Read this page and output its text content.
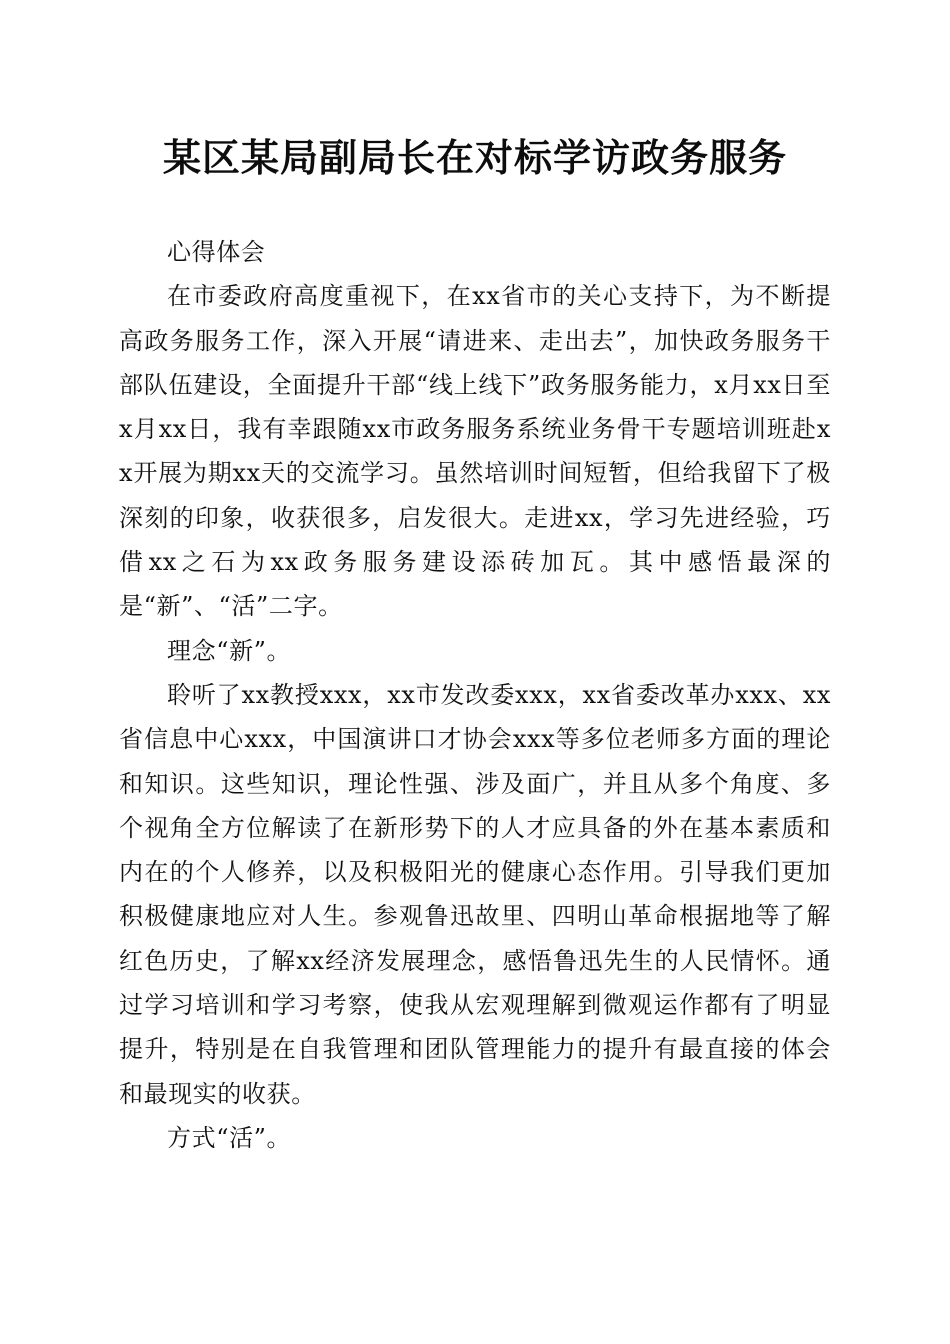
某区某局副局长在对标学访政务服务

心得体会

在市委政府高度重视下，在xx省市的关心支持下，为不断提高政务服务工作，深入开展“请进来、走出去”，加快政务服务干部队伍建设，全面提升干部“线上线下”政务服务能力，x月xx日至x月xx日，我有幸跟随xx市政务服务系统业务骨干专题培训班赴xx开展为期xx天的交流学习。虽然培训时间短暂，但给我留下了极深刻的印象，收获很多，启发很大。走进xx，学习先进经验，巧借xx之石为xx政务服务建设添砖加瓦。其中感悟最深的是“新”、“活”二字。

理念“新”。

聆听了xx教授xxx，xx市发改委xxx，xx省委改革办xxx、xx省信息中心xxx，中国演讲口才协会xxx等多位老师多方面的理论和知识。这些知识，理论性强、涉及面广，并且从多个角度、多个视角全方位解读了在新形势下的人才应具备的外在基本素质和内在的个人修养，以及积极阳光的健康心态作用。引导我们更加积极健康地应对人生。参观鲁迅故里、四明山革命根据地等了解红色历史，了解xx经济发展理念，感悟鲁迅先生的人民情怀。通过学习培训和学习考察，使我从宏观理解到微观运作都有了明显提升，特别是在自我管理和团队管理能力的提升有最直接的体会和最现实的收获。

方式“活”。
